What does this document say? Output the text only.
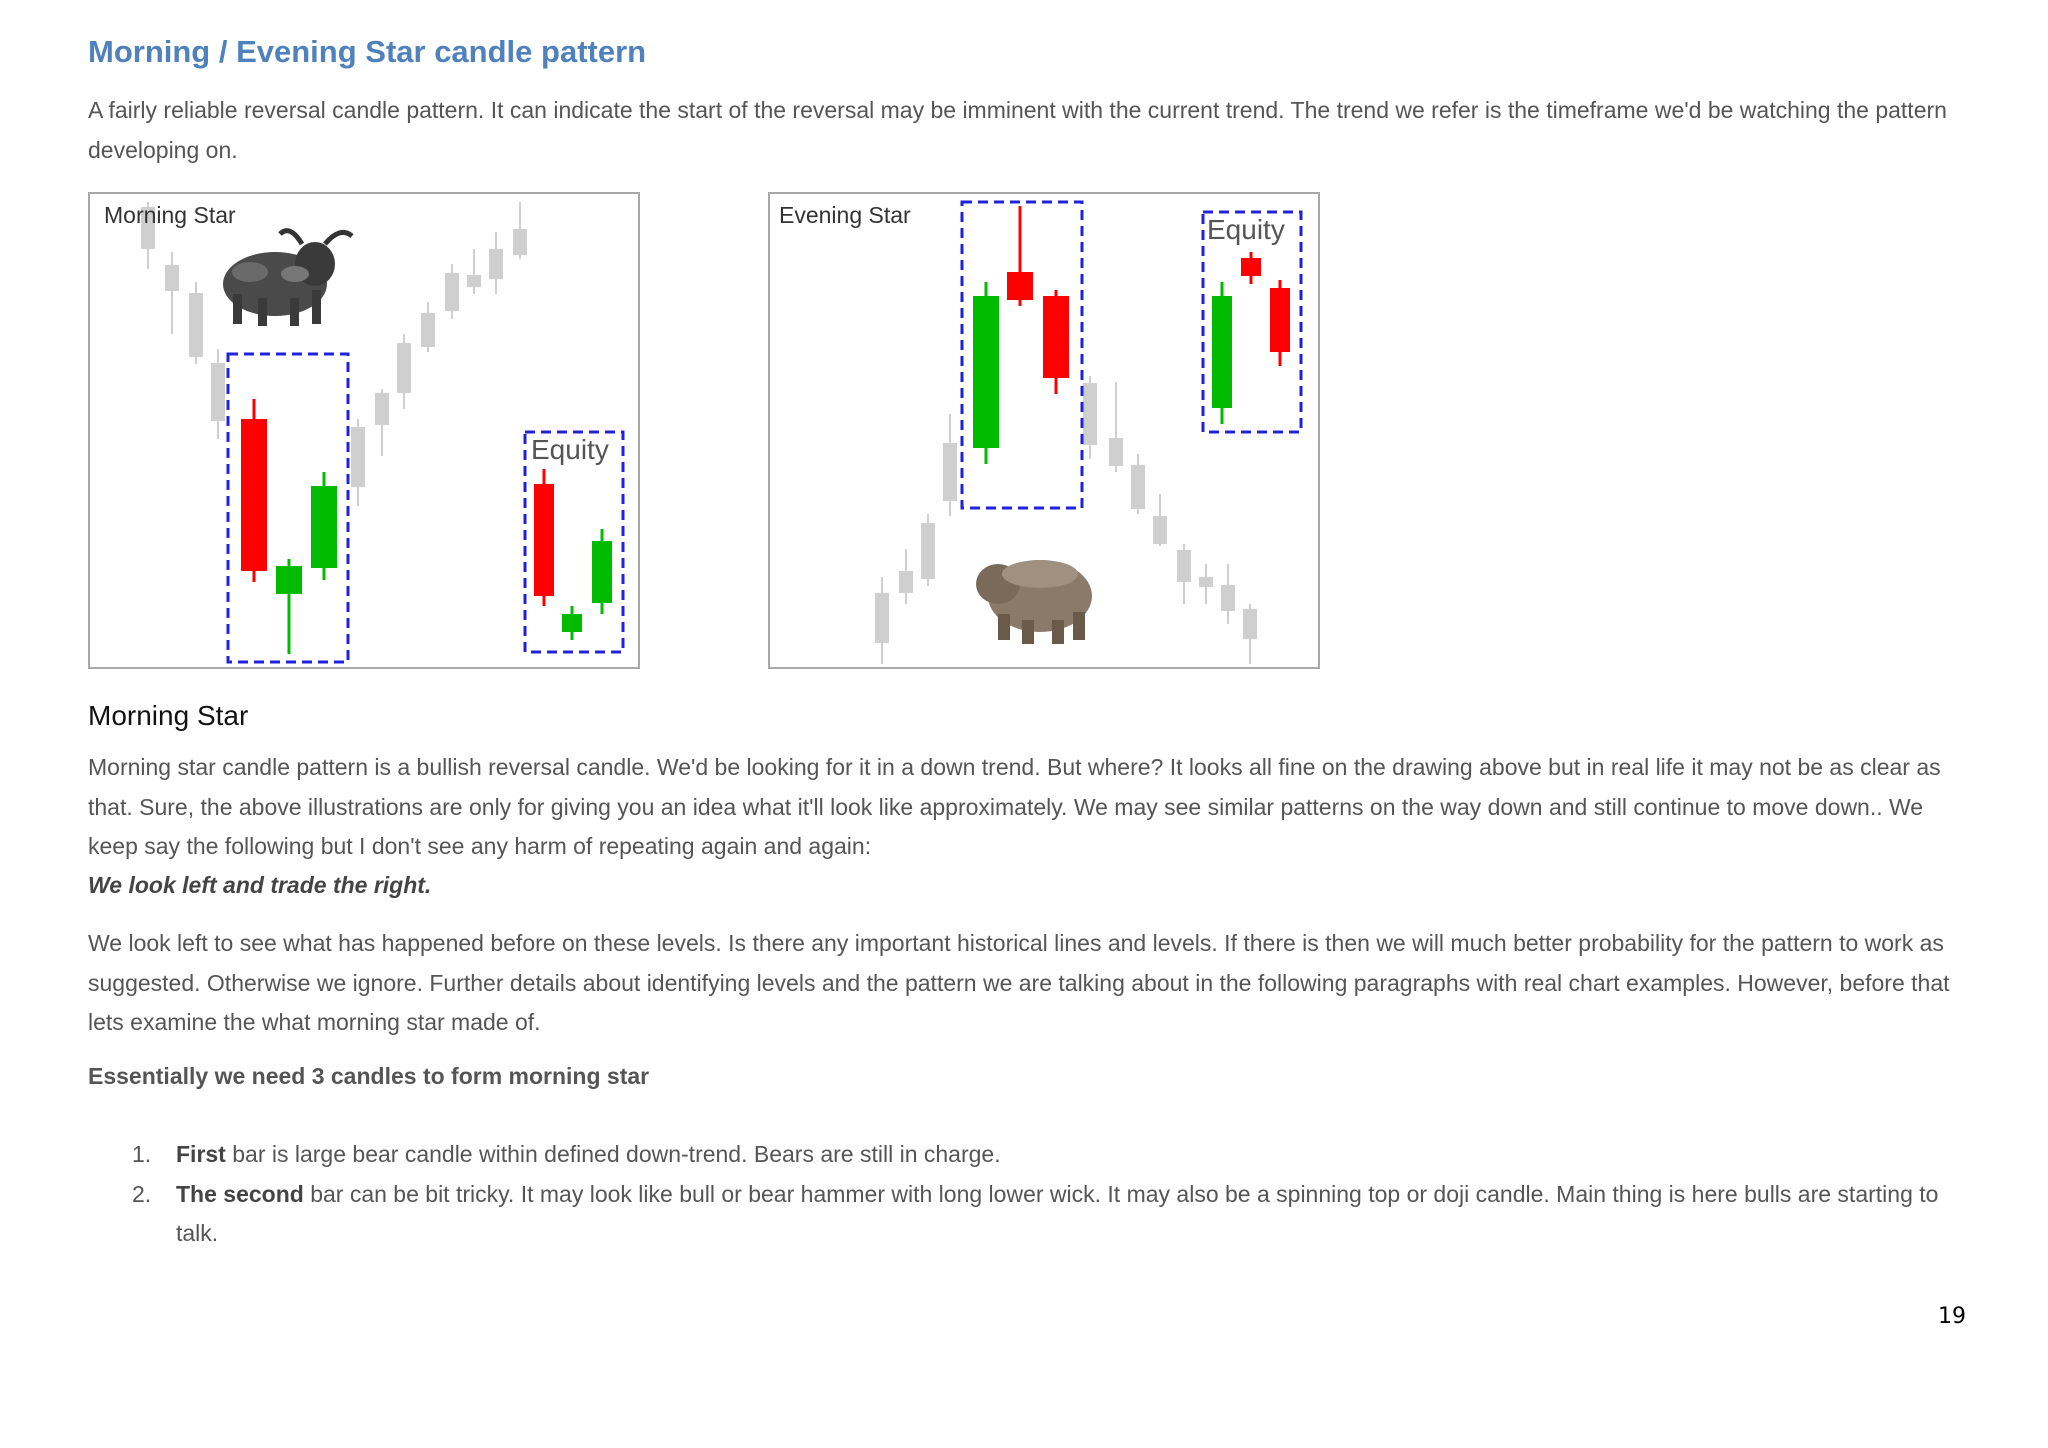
Morning / Evening Star candle pattern

A fairly reliable reversal candle pattern. It can indicate the start of the reversal may be imminent with the current trend. The trend we refer is the timeframe we'd be watching the pattern developing on.

Morning Star
Equity
Evening Star	Equity
Morning Star

Morning star candle pattern is a bullish reversal candle. We'd be looking for it in a down trend. But where? It looks all fine on the drawing above but in real life it may not be as clear as that. Sure, the above illustrations are only for giving you an idea what it'll look like approximately. We may see similar patterns on the way down and still continue to move down.. We keep say the following but I don't see any harm of repeating again and again:

We look left and trade the right.

We look left to see what has happened before on these levels. Is there any important historical lines and levels. If there is then we will much better probability for the pattern to work as suggested. Otherwise we ignore. Further details about identifying levels and the pattern we are talking about in the following paragraphs with real chart examples. However, before that lets examine the what morning star made of.

Essentially we need 3 candles to form morning star

1. First bar is large bear candle within defined down-trend. Bears are still in charge.
2. The second bar can be bit tricky. It may look like bull or bear hammer with long lower wick. It may also be a spinning top or doji candle. Main thing is here bulls are starting to talk.
19
